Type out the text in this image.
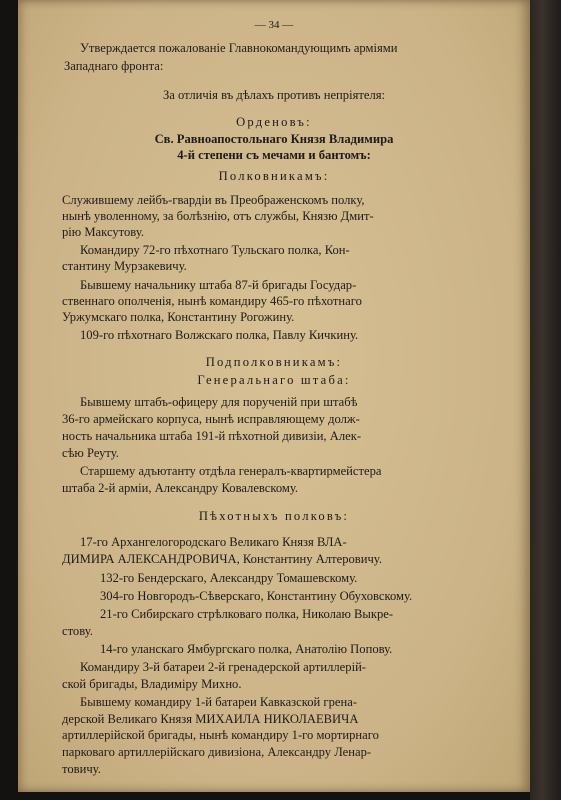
— 34 —
Утверждается пожалованiе Главнокомандующимъ армiями
Западнаго фронта:
За отличiя въ дѣлахъ противъ непрiятеля:
Орденовъ:
Св. Равноапостольнаго Князя Владимира
4-й степени съ мечами и бантомъ:
Полковникамъ:
Служившему лейбъ-гвардiи въ Преображенскомъ полку,
нынѣ уволенному, за болѣзнiю, отъ службы, Князю Дмит-
рiю Максутову.
Командиру 72-го пѣхотнаго Тульскаго полка, Кон-
стантину Мурзакевичу.
Бывшему начальнику штаба 87-й бригады Государ-
ственнаго ополченiя, нынѣ командиру 465-го пѣхотнаго
Уржумскаго полка, Константину Рогожину.
109-го пѣхотнаго Волжскаго полка, Павлу Кичкину.
Подполковникамъ:
Генеральнаго штаба:
Бывшему штабъ-офицеру для порученiй при штабѣ
36-го армейскаго корпуса, нынѣ исправляющему долж-
ность начальника штаба 191-й пѣхотной дивизiи, Алек-
сѣю Реуту.
Старшему адъютанту отдѣла генералъ-квартирмейстера
штаба 2-й армiи, Александру Ковалевскому.
Пѣхотныхъ полковъ:
17-го Архангелогородскаго Великаго Князя ВЛА-
ДИМИРА АЛЕКСАНДРОВИЧА, Константину Алтеровичу.
132-го Бендерскаго, Александру Томашевскому.
304-го Новгородъ-Сѣверскаго, Константину Обуховскому.
21-го Сибирскаго стрѣлковаго полка, Николаю Выкре-
стову.
14-го уланскаго Ямбургскаго полка, Анатолiю Попову.
Командиру 3-й батареи 2-й гренадерской артиллерiй-
ской бригады, Владимiру Михно.
Бывшему командиру 1-й батареи Кавказской грена-
дерской Великаго Князя МИХАИЛА НИКОЛАЕВИЧА
артиллерiйской бригады, нынѣ командиру 1-го мортирнаго
парковаго артиллерiйскаго дивизiона, Александру Ленар-
товичу.
